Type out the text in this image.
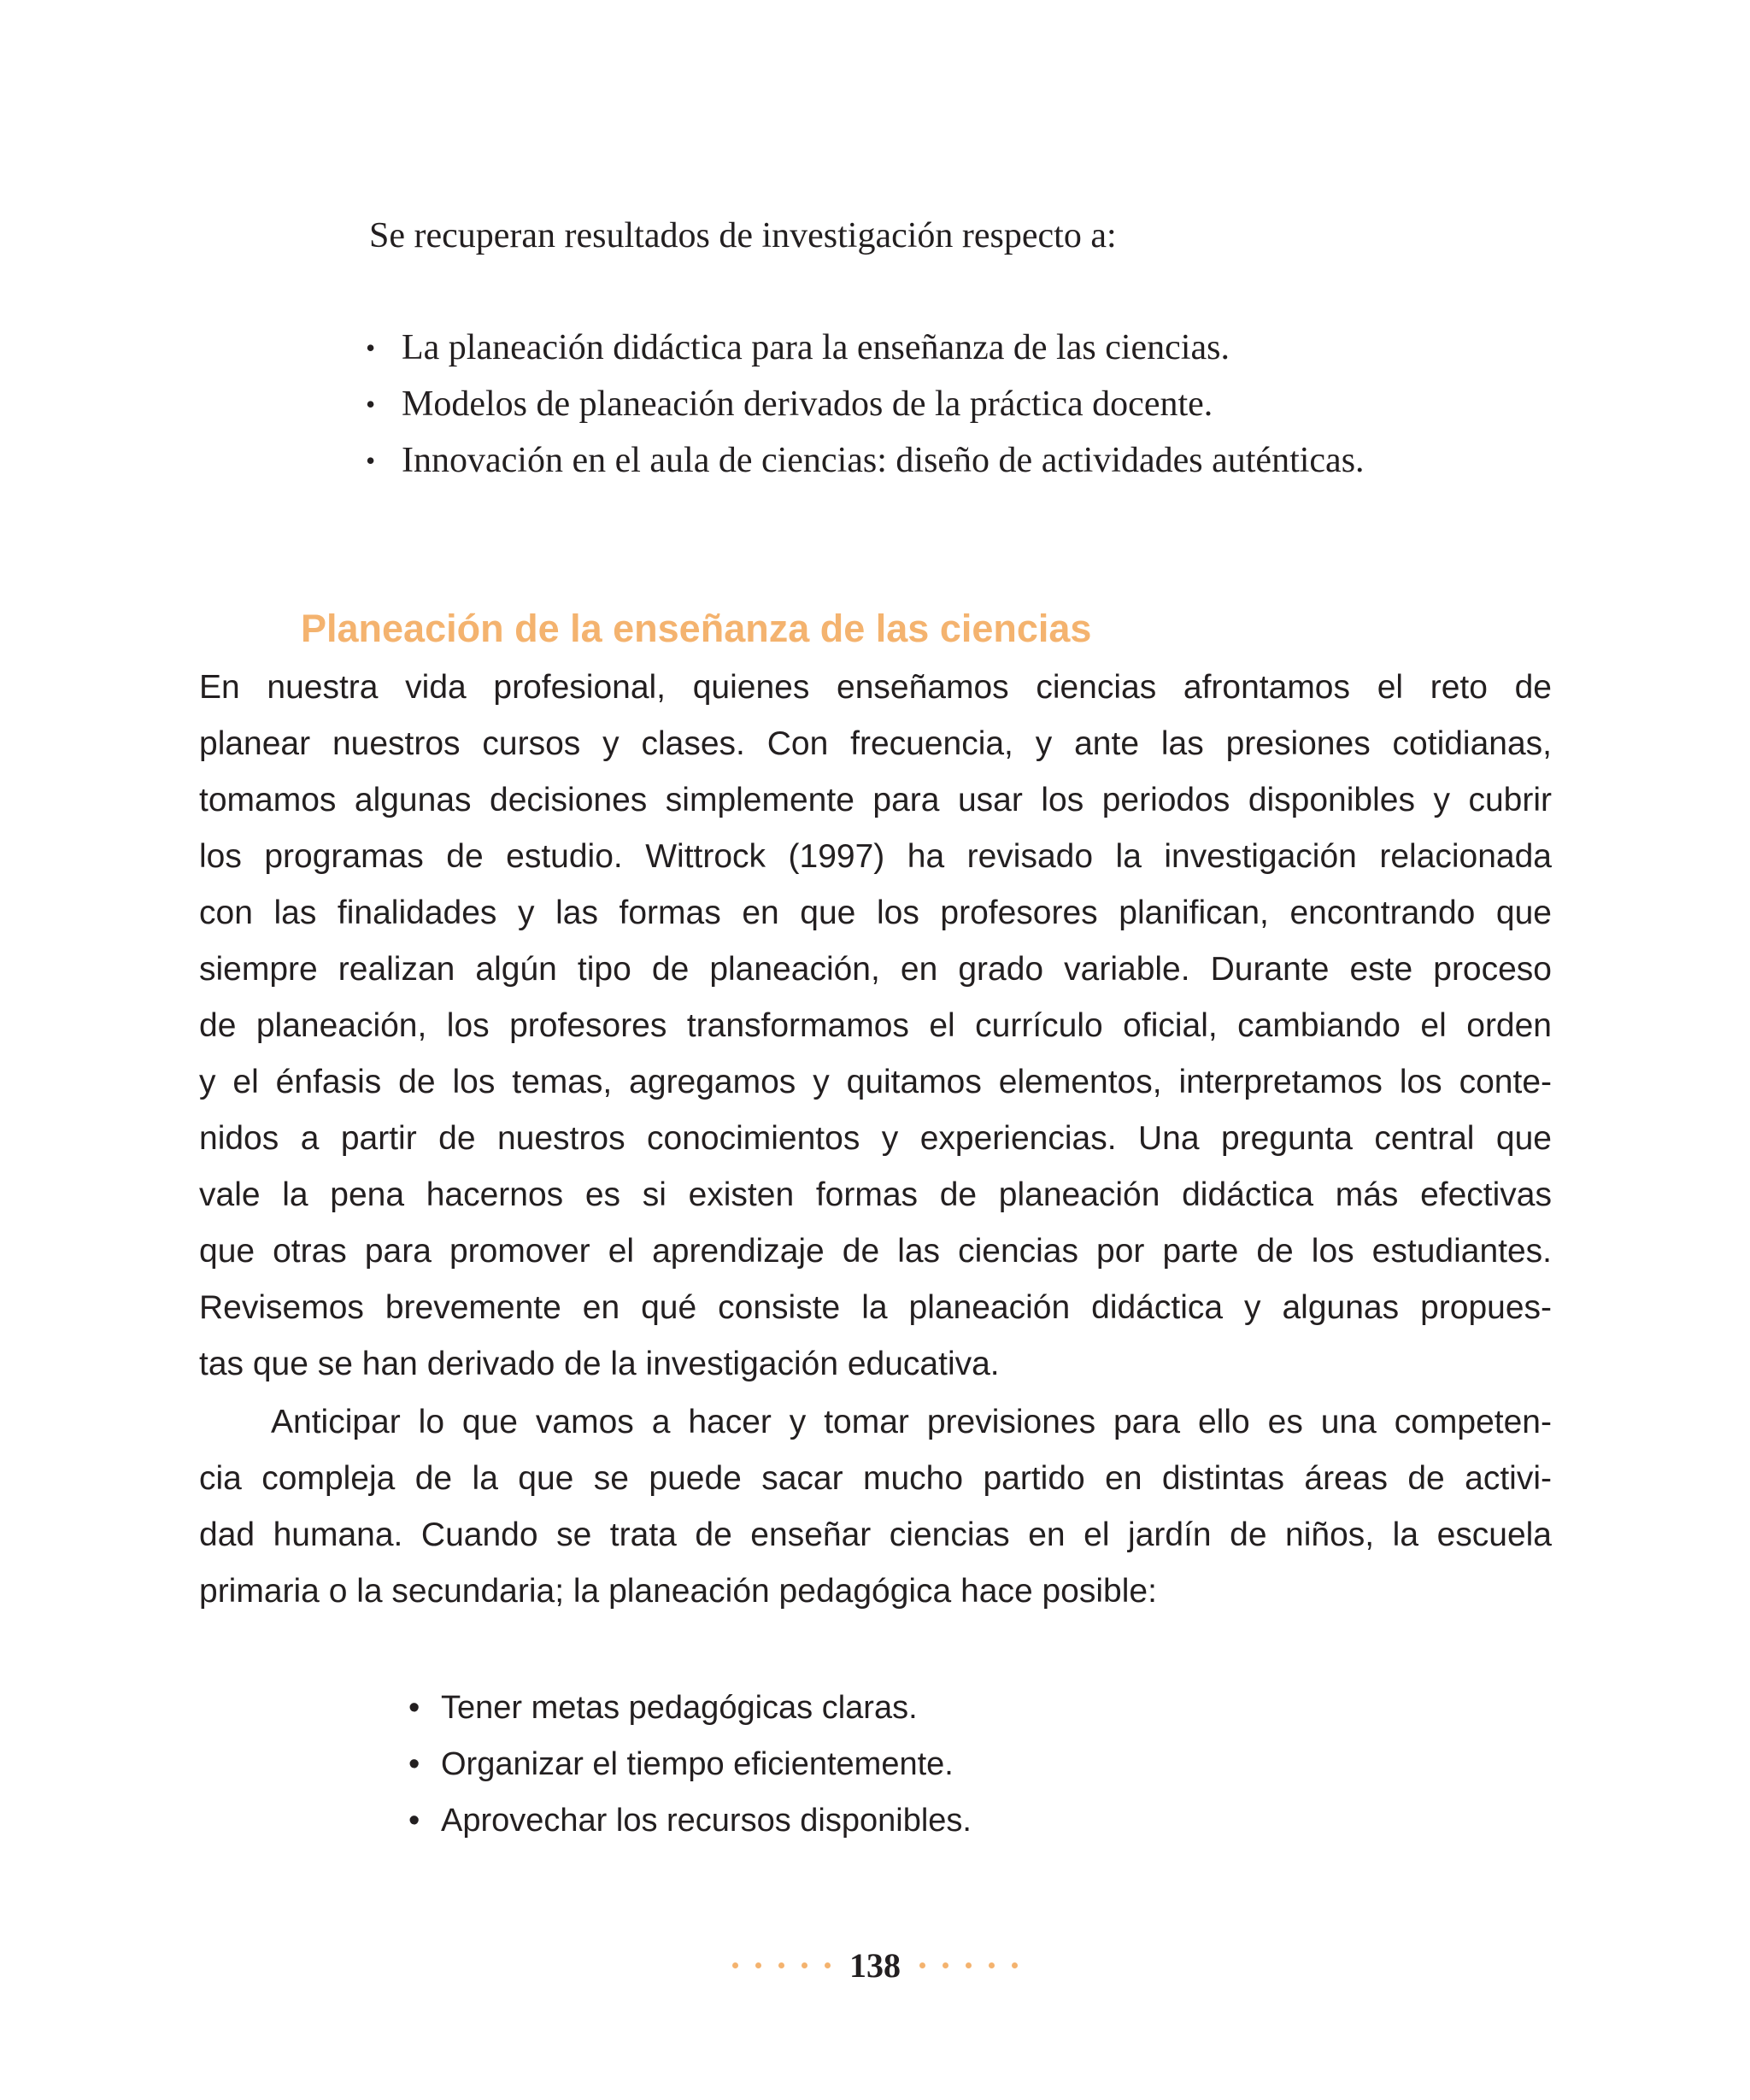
Se recuperan resultados de investigación respecto a:

• La planeación didáctica para la enseñanza de las ciencias.
• Modelos de planeación derivados de la práctica docente.
• Innovación en el aula de ciencias: diseño de actividades auténticas.
Planeación de la enseñanza de las ciencias
En nuestra vida profesional, quienes enseñamos ciencias afrontamos el reto de
planear nuestros cursos y clases. Con frecuencia, y ante las presiones cotidianas,
tomamos algunas decisiones simplemente para usar los periodos disponibles y cubrir
los programas de estudio. Wittrock (1997) ha revisado la investigación relacionada
con las finalidades y las formas en que los profesores planifican, encontrando que
siempre realizan algún tipo de planeación, en grado variable. Durante este proceso
de planeación, los profesores transformamos el currículo oficial, cambiando el orden
y el énfasis de los temas, agregamos y quitamos elementos, interpretamos los conte-
nidos a partir de nuestros conocimientos y experiencias. Una pregunta central que
vale la pena hacernos es si existen formas de planeación didáctica más efectivas
que otras para promover el aprendizaje de las ciencias por parte de los estudiantes.
Revisemos brevemente en qué consiste la planeación didáctica y algunas propues-
tas que se han derivado de la investigación educativa.
Anticipar lo que vamos a hacer y tomar previsiones para ello es una competen-
cia compleja de la que se puede sacar mucho partido en distintas áreas de activi-
dad humana. Cuando se trata de enseñar ciencias en el jardín de niños, la escuela
primaria o la secundaria; la planeación pedagógica hace posible:
• Tener metas pedagógicas claras.
• Organizar el tiempo eficientemente.
• Aprovechar los recursos disponibles.
138
